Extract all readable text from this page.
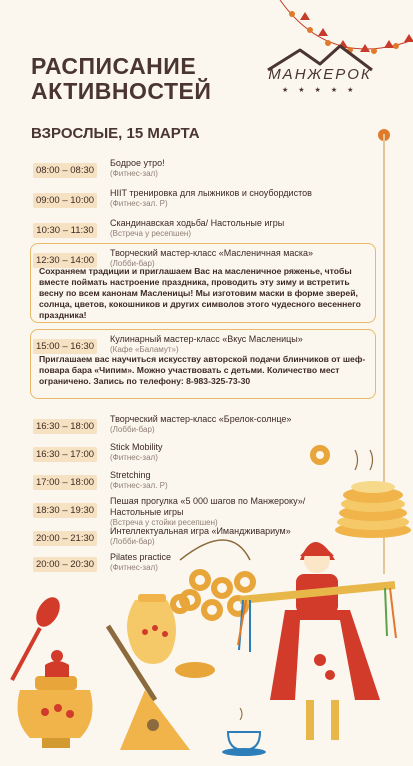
РАСПИСАНИЕ
АКТИВНОСТЕЙ
МАНЖЕРОК
★★★★★
ВЗРОСЛЫЕ, 15 МАРТА
08:00 – 08:30
Бодрое утро!
(Фитнес-зал)
09:00 – 10:00
HIIT тренировка для лыжников и сноубордистов
(Фитнес-зал. Р)
10:30 – 11:30
Скандинавская ходьба/ Настольные игры
(Встреча у ресепшен)
12:30 – 14:00
Творческий мастер-класс «Масленичная маска»
(Лобби-бар)
Сохраняем традиции и приглашаем Вас на масленичное ряженье, чтобы вместе поймать настроение праздника, проводить эту зиму и встретить весну по всем канонам Масленицы! Мы изготовим маски в форме зверей, солнца, цветов, кокошников и других символов этого чудесного весеннего праздника!
15:00 – 16:30
Кулинарный мастер-класс «Вкус Масленицы»
(Кафе «Баламут»)
Приглашаем вас научиться искусству авторской подачи блинчиков от шеф-повара бара «Чипим». Можно участвовать с детьми. Количество мест ограничено. Запись по телефону: 8-983-325-73-30
16:30 – 18:00
Творческий мастер-класс «Брелок-солнце»
(Лобби-бар)
16:30 – 17:00
Stick Mobility
(Фитнес-зал)
17:00 – 18:00
Stretching
(Фитнес-зал. Р)
18:30 – 19:30
Пешая прогулка «5 000 шагов по Манжероку»/ Настольные игры
(Встреча у стойки ресепшен)
20:00 – 21:30
Интеллектуальная игра «Имандживариум»
(Лобби-бар)
20:00 – 20:30
Pilates practice
(Фитнес-зал)
